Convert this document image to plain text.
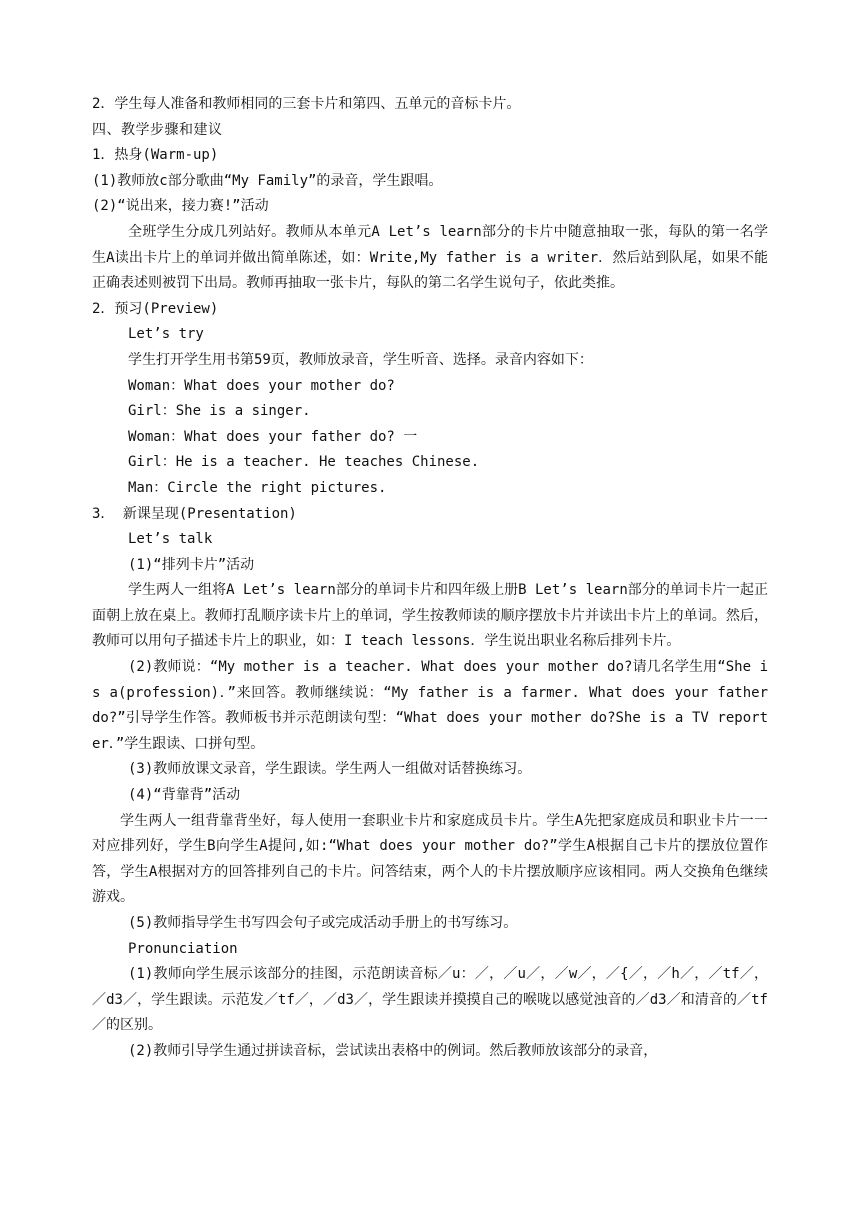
2．学生每人准备和教师相同的三套卡片和第四、五单元的音标卡片。
四、教学步骤和建议
1．热身(Warm-up)
(1)教师放c部分歌曲“My Family”的录音，学生跟唱。
(2)“说出来，接力赛!”活动
全班学生分成几列站好。教师从本单元A Let’s learn部分的卡片中随意抽取一张，每队的第一名学生A读出卡片上的单词并做出简单陈述，如：Write,My father is a writer．然后站到队尾，如果不能正确表述则被罚下出局。教师再抽取一张卡片，每队的第二名学生说句子，依此类推。
2．预习(Preview)
Let’s try
学生打开学生用书第59页，教师放录音，学生听音、选择。录音内容如下：
Woman：What does your mother do?
Girl：She is a singer.
Woman：What does your father do? 一
Girl：He is a teacher. He teaches Chinese.
Man：Circle the right pictures.
3． 新课呈现(Presentation)
Let’s talk
(1)“排列卡片”活动
学生两人一组将A Let’s learn部分的单词卡片和四年级上册B Let’s learn部分的单词卡片一起正面朝上放在桌上。教师打乱顺序读卡片上的单词，学生按教师读的顺序摆放卡片并读出卡片上的单词。然后，教师可以用句子描述卡片上的职业，如：I teach lessons．学生说出职业名称后排列卡片。
(2)教师说：“My mother is a teacher. What does your mother do?请几名学生用“She is a(profession)．”来回答。教师继续说：“My father is a farmer. What does your father do?”引导学生作答。教师板书并示范朗读句型：“What does your mother do?She is a TV reporter．”学生跟读、口拼句型。
(3)教师放课文录音，学生跟读。学生两人一组做对话替换练习。
(4)“背靠背”活动
学生两人一组背靠背坐好，每人使用一套职业卡片和家庭成员卡片。学生A先把家庭成员和职业卡片一一对应排列好，学生B向学生A提问,如:“What does your mother do?”学生A根据自己卡片的摆放位置作答，学生A根据对方的回答排列自己的卡片。问答结束，两个人的卡片摆放顺序应该相同。两人交换角色继续游戏。
(5)教师指导学生书写四会句子或完成活动手册上的书写练习。
Pronunciation
(1)教师向学生展示该部分的挂图，示范朗读音标／u：／，／u／，／w／，／{／，／h／，／tf／，／d3／，学生跟读。示范发／tf／，／d3／，学生跟读并摸摸自己的喉咙以感觉浊音的／d3／和清音的／tf／的区别。
(2)教师引导学生通过拼读音标，尝试读出表格中的例词。然后教师放该部分的录音，
